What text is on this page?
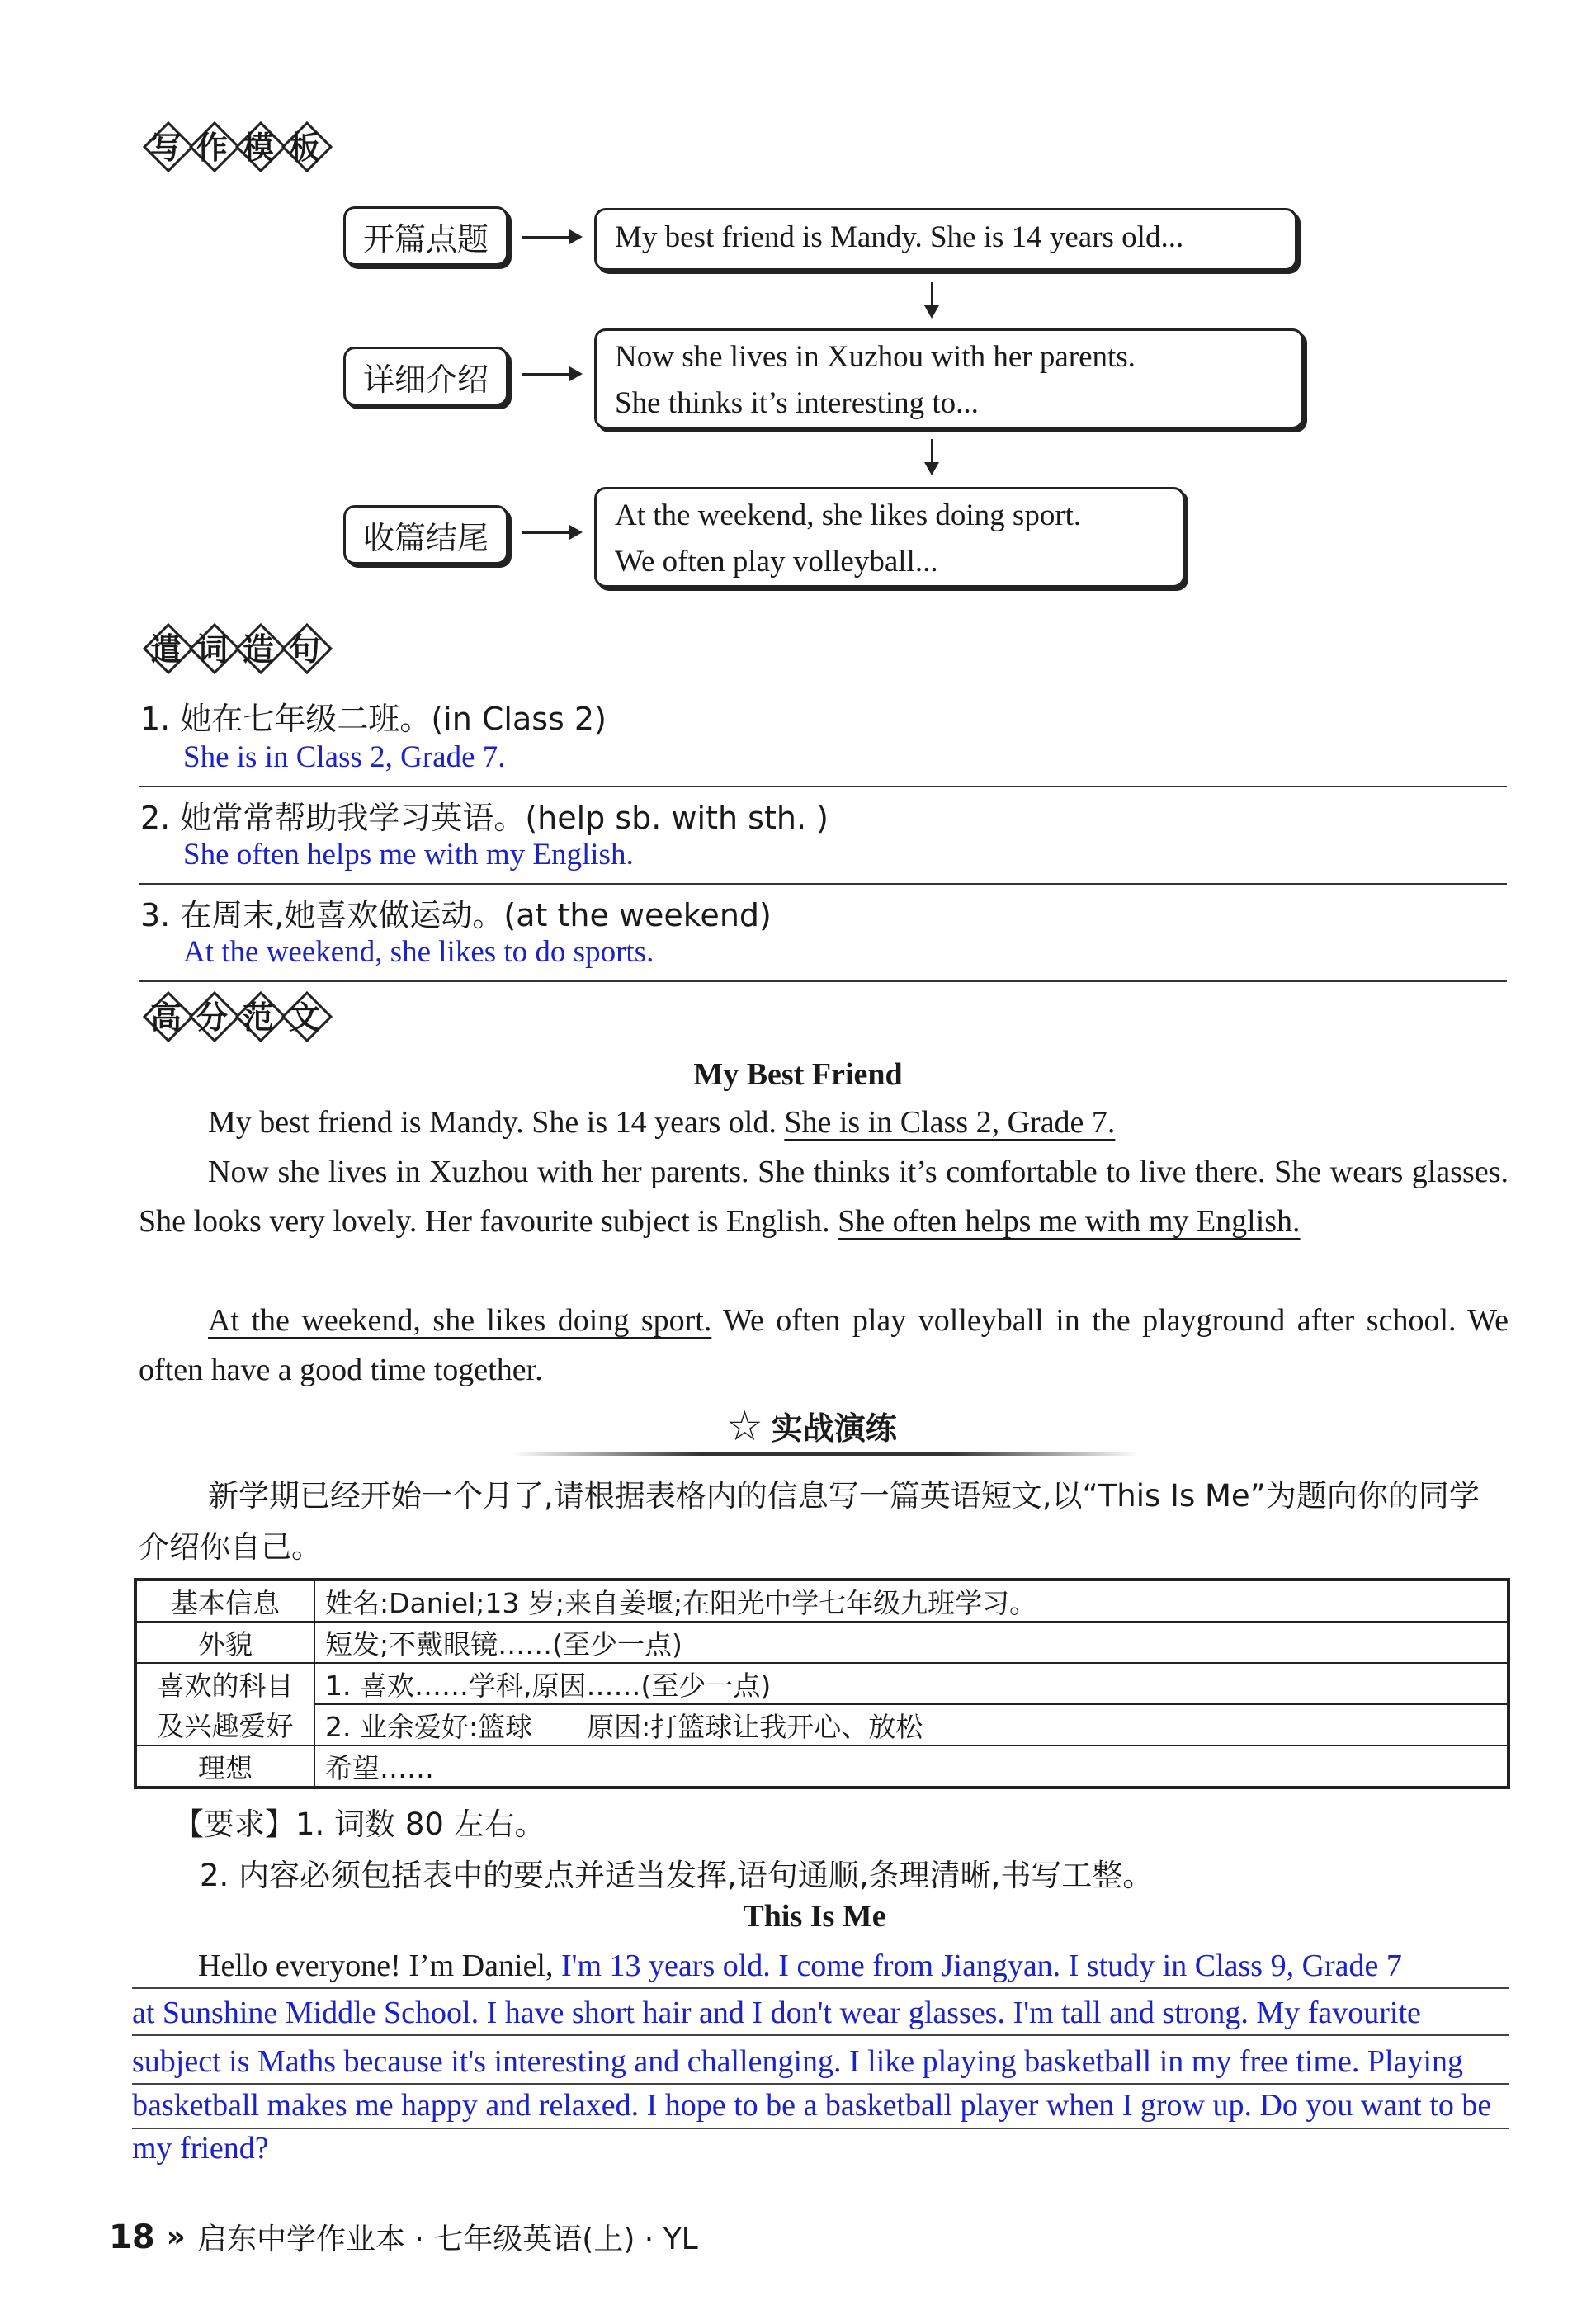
写 作 模 板
开篇点题	My best friend is Mandy. She is 14 years old...
详细介绍
Now she lives in Xuzhou with her parents.
She thinks it’s interesting to...
收篇结尾
At the weekend, she likes doing sport.
We often play volleyball...
遣 词 造 句
1. 她在七年级二班。(in Class 2)
She is in Class 2, Grade 7.
2. 她常常帮助我学习英语。(help sb. with sth. )
She often helps me with my English.
3. 在周末,她喜欢做运动。(at the weekend)
At the weekend, she likes to do sports.
高 分 范 文
My Best Friend
My best friend is Mandy. She is 14 years old. She is in Class 2, Grade 7.
Now she lives in Xuzhou with her parents. She thinks it’s comfortable to live there. She wears glasses. She looks very lovely. Her favourite subject is English. She often helps me with my English.
At the weekend, she likes doing sport. We often play volleyball in the playground after school. We often have a good time together.
☆ 实战演练
新学期已经开始一个月了,请根据表格内的信息写一篇英语短文,以“This Is Me”为题向你的同学介绍你自己。
基本信息	姓名:Daniel;13 岁;来自姜堰;在阳光中学七年级九班学习。
外貌	短发;不戴眼镜……(至少一点)
喜欢的科目	1. 喜欢……学科,原因……(至少一点)
及兴趣爱好	2. 业余爱好:篮球　　原因:打篮球让我开心、放松
理想	希望……
【要求】1. 词数 80 左右。
2. 内容必须包括表中的要点并适当发挥,语句通顺,条理清晰,书写工整。
This Is Me
Hello everyone! I’m Daniel, I'm 13 years old. I come from Jiangyan. I study in Class 9, Grade 7
at Sunshine Middle School. I have short hair and I don't wear glasses. I'm tall and strong. My favourite
subject is Maths because it's interesting and challenging. I like playing basketball in my free time. Playing
basketball makes me happy and relaxed. I hope to be a basketball player when I grow up. Do you want to be
my friend?
18 » 启东中学作业本 · 七年级英语(上) · YL
